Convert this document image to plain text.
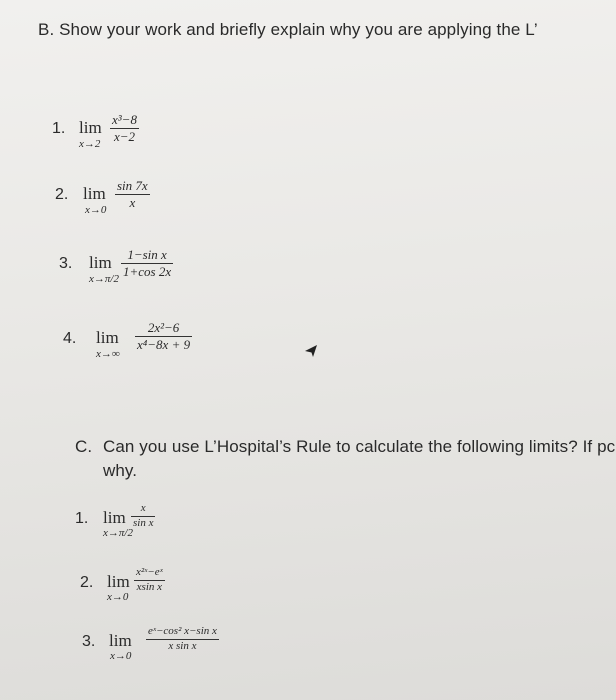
B. Show your work and briefly explain why you are applying the L’
1. lim
x→2
x³−8
x−2
2. lim
x→0
sin 7x
x
3. lim
x→π/2
1−sin x
1+cos 2x
4. lim
x→∞
2x²−6
x⁴−8x + 9
C. Can you use L’Hospital’s Rule to calculate the following limits? If pc
why.
1. lim
x→π/2
x
sin x
2. lim
x→0
x²ˣ−eˣ
xsin x
3. lim
x→0
eˣ−cos² x−sin x
x sin x
